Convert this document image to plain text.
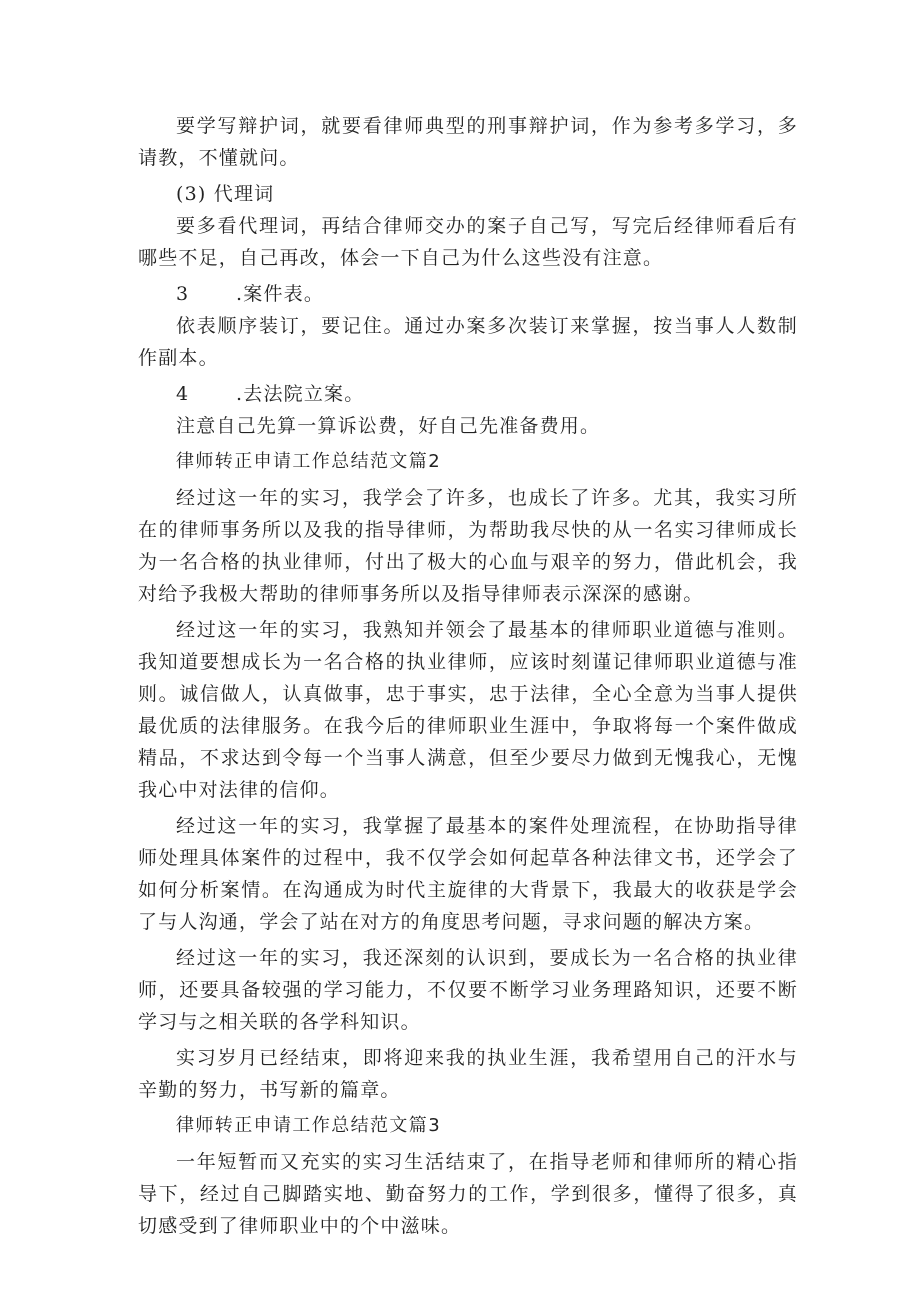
要学写辩护词，就要看律师典型的刑事辩护词，作为参考多学习，多请教，不懂就问。

(3) 代理词

要多看代理词，再结合律师交办的案子自己写，写完后经律师看后有哪些不足，自己再改，体会一下自己为什么这些没有注意。

3 .案件表。

依表顺序装订，要记住。通过办案多次装订来掌握，按当事人人数制作副本。

4 .去法院立案。

注意自己先算一算诉讼费，好自己先准备费用。

律师转正申请工作总结范文篇2

经过这一年的实习，我学会了许多，也成长了许多。尤其，我实习所在的律师事务所以及我的指导律师，为帮助我尽快的从一名实习律师成长为一名合格的执业律师，付出了极大的心血与艰辛的努力，借此机会，我对给予我极大帮助的律师事务所以及指导律师表示深深的感谢。

经过这一年的实习，我熟知并领会了最基本的律师职业道德与准则。我知道要想成长为一名合格的执业律师，应该时刻谨记律师职业道德与准则。诚信做人，认真做事，忠于事实，忠于法律，全心全意为当事人提供最优质的法律服务。在我今后的律师职业生涯中，争取将每一个案件做成精品，不求达到令每一个当事人满意，但至少要尽力做到无愧我心，无愧我心中对法律的信仰。

经过这一年的实习，我掌握了最基本的案件处理流程，在协助指导律师处理具体案件的过程中，我不仅学会如何起草各种法律文书，还学会了如何分析案情。在沟通成为时代主旋律的大背景下，我最大的收获是学会了与人沟通，学会了站在对方的角度思考问题，寻求问题的解决方案。

经过这一年的实习，我还深刻的认识到，要成长为一名合格的执业律师，还要具备较强的学习能力，不仅要不断学习业务理路知识，还要不断学习与之相关联的各学科知识。

实习岁月已经结束，即将迎来我的执业生涯，我希望用自己的汗水与辛勤的努力，书写新的篇章。

律师转正申请工作总结范文篇3

一年短暂而又充实的实习生活结束了，在指导老师和律师所的精心指导下，经过自己脚踏实地、勤奋努力的工作，学到很多，懂得了很多，真切感受到了律师职业中的个中滋味。
